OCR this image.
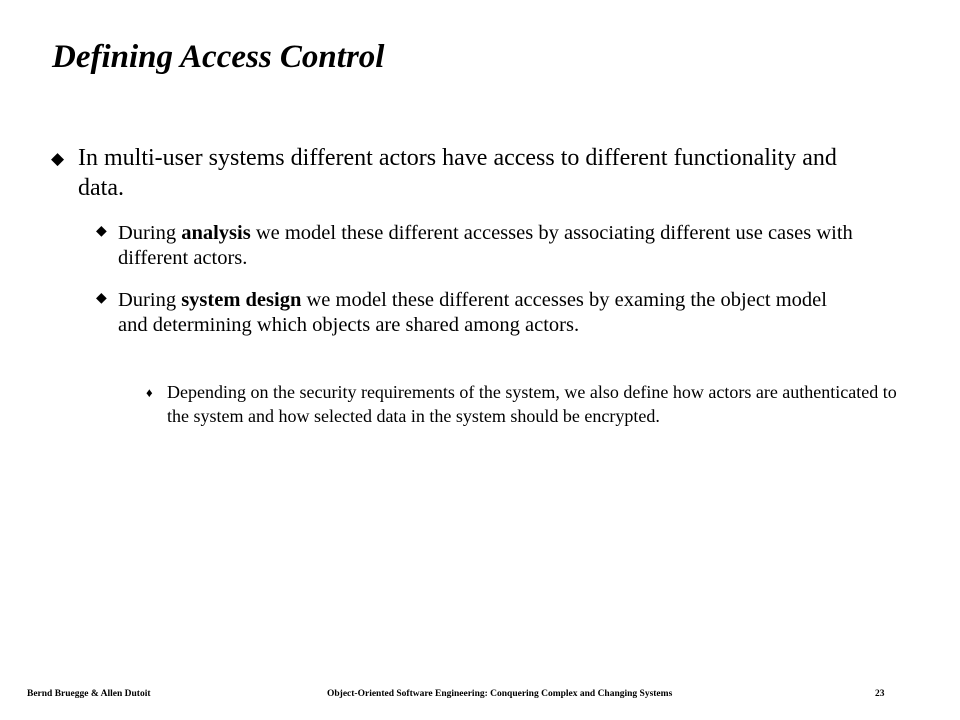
Defining Access Control
◆ In multi-user systems different actors have access to different functionality and data.
◆ During analysis we model these different accesses by associating different use cases with different actors.
◆ During system design we model these different accesses by examing the object model and determining which objects are shared among actors.
♦ Depending on the security requirements of the system, we also define how actors are authenticated to the system and how selected data in the system should be encrypted.
Bernd Bruegge & Allen Dutoit	Object-Oriented Software Engineering: Conquering Complex and Changing Systems	23
